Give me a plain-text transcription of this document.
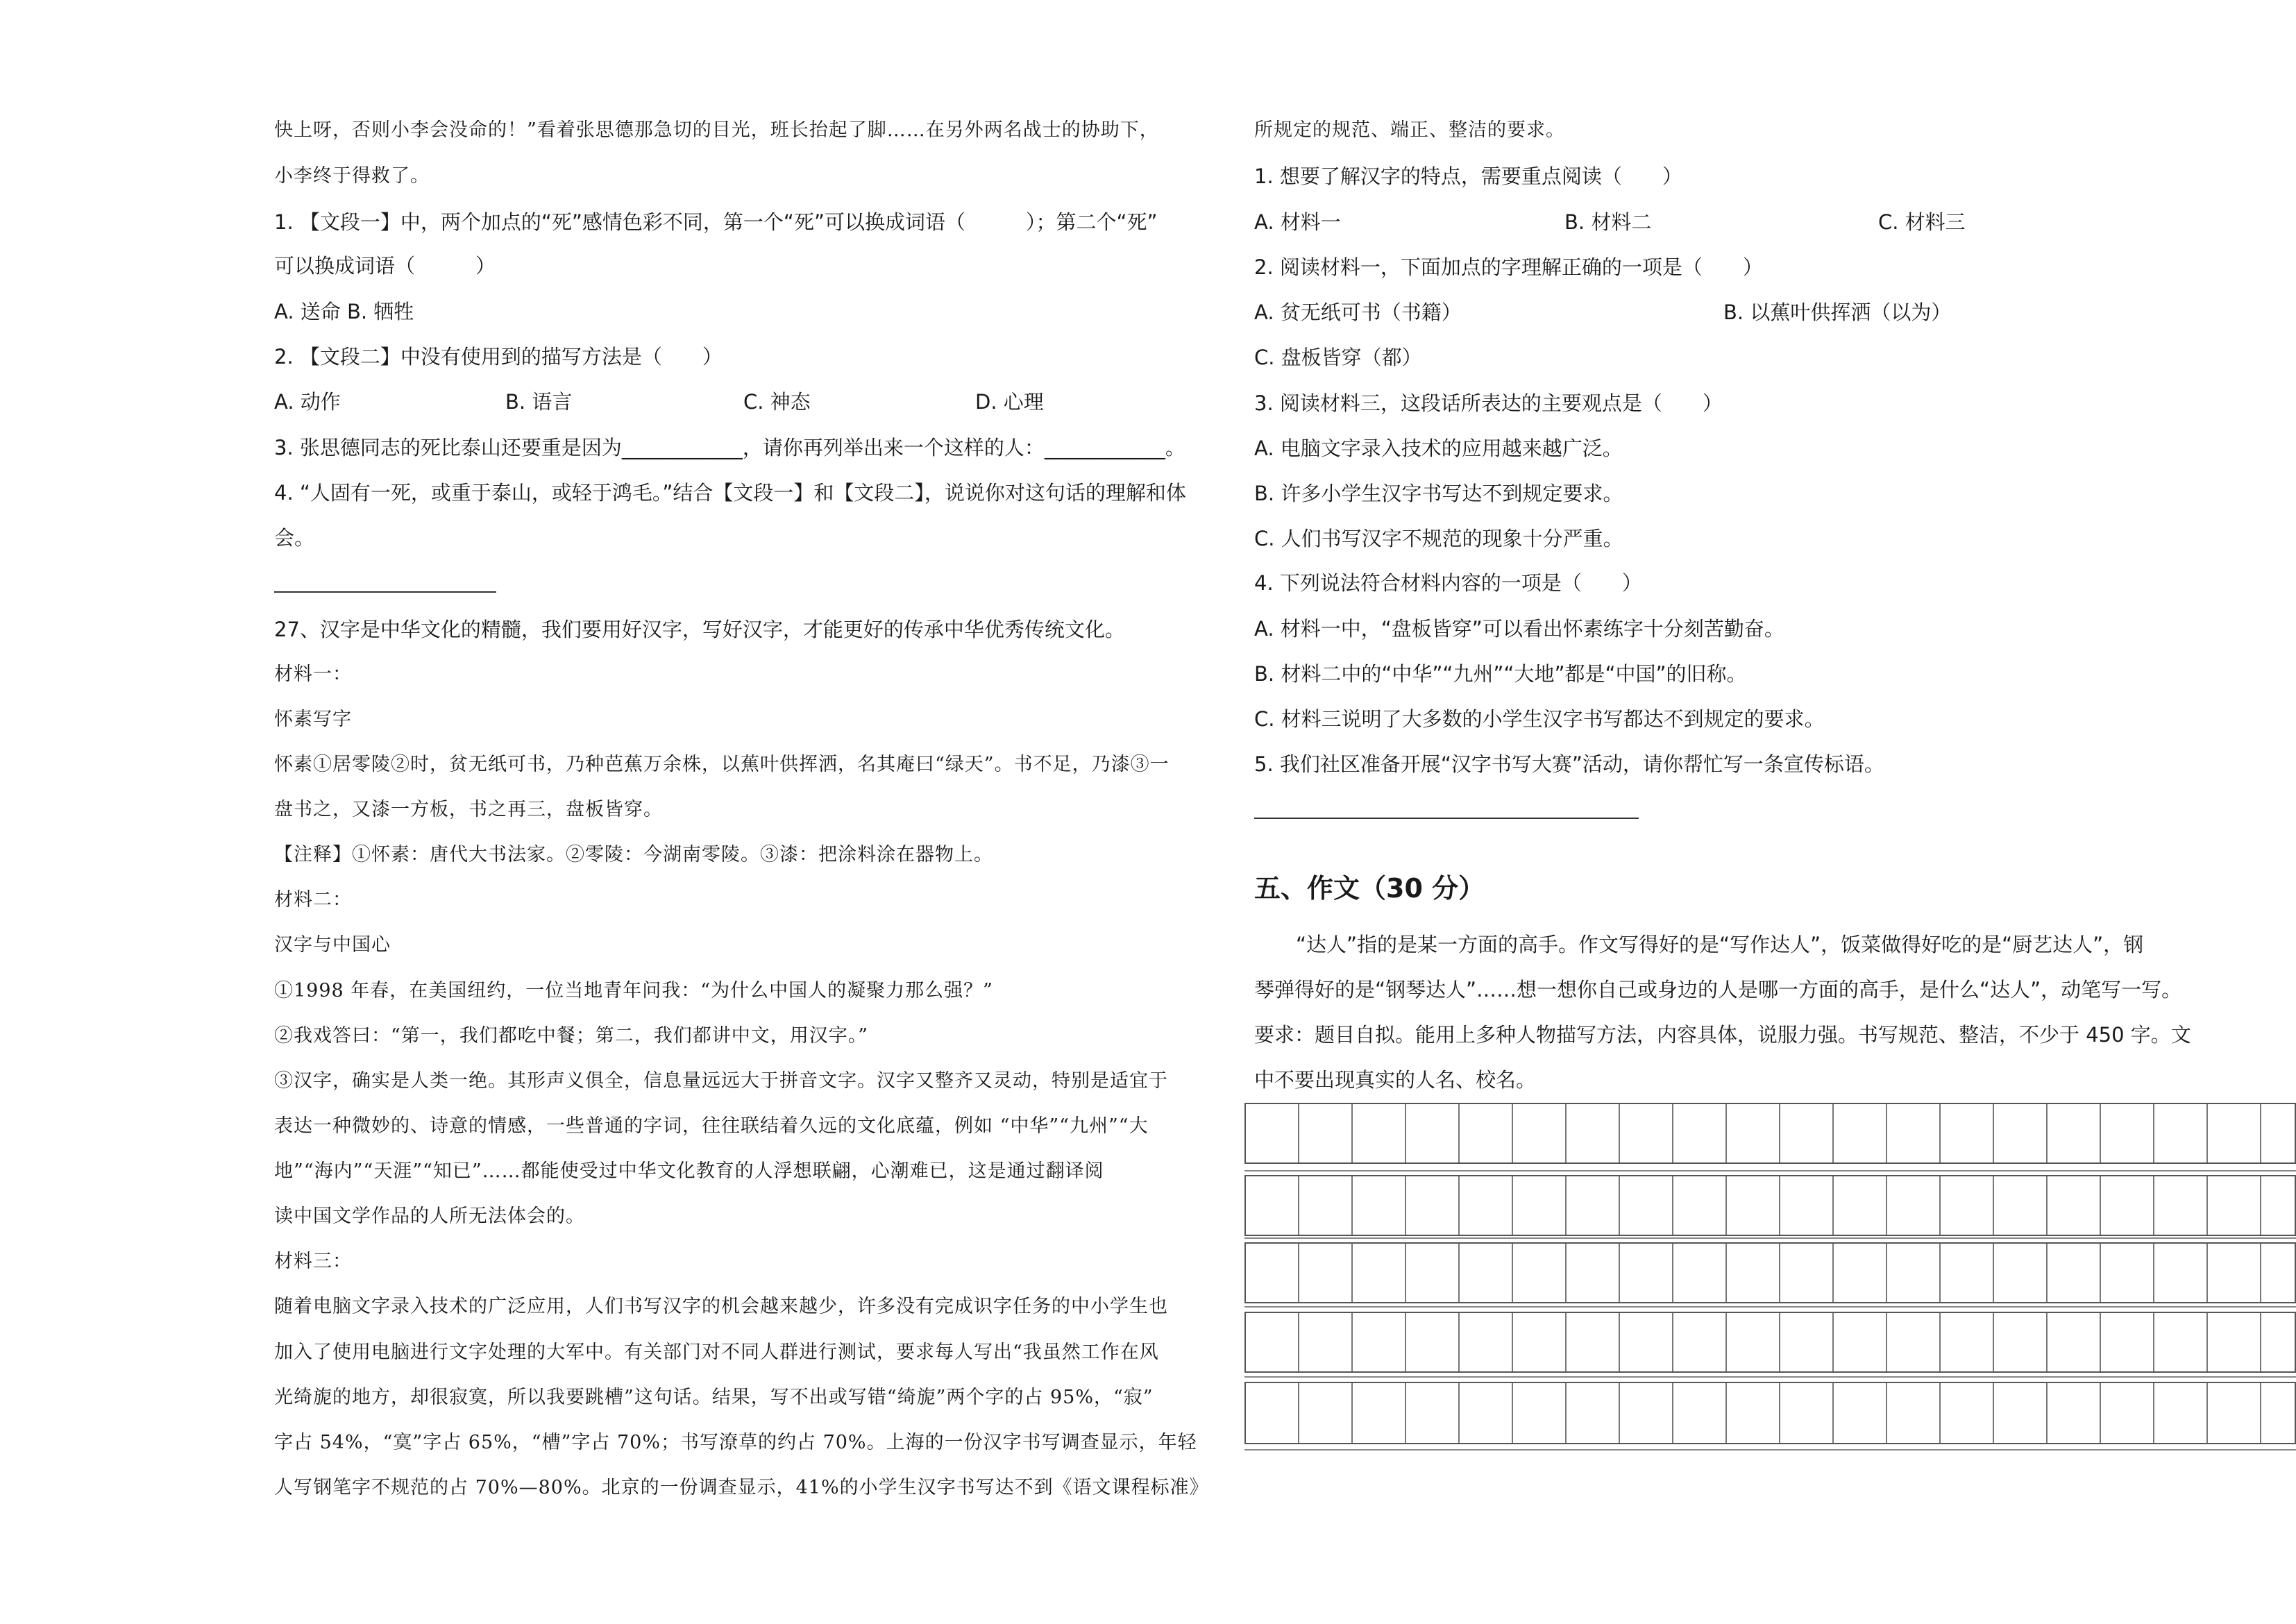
快上呀，否则小李会没命的！”看着张思德那急切的目光，班长抬起了脚……在另外两名战士的协助下，
小李终于得救了。
1. 【文段一】中，两个加点的“死”感情色彩不同，第一个“死”可以换成词语（　　　）；第二个“死”
可以换成词语（　　　）
A. 送命 B. 牺牲
2. 【文段二】中没有使用到的描写方法是（　　）
A. 动作	B. 语言	C. 神态	D. 心理
3. 张思德同志的死比泰山还要重是因为____________，请你再列举出来一个这样的人：____________。
4. “人固有一死，或重于泰山，或轻于鸿毛。”结合【文段一】和【文段二】，说说你对这句话的理解和体
会。
27、汉字是中华文化的精髓，我们要用好汉字，写好汉字，才能更好的传承中华优秀传统文化。
材料一：
怀素写字
怀素①居零陵②时，贫无纸可书，乃种芭蕉万余株，以蕉叶供挥洒，名其庵曰“绿天”。书不足，乃漆③一
盘书之，又漆一方板，书之再三，盘板皆穿。
【注释】①怀素：唐代大书法家。②零陵：今湖南零陵。③漆：把涂料涂在器物上。
材料二：
汉字与中国心
①1998 年春，在美国纽约，一位当地青年问我：“为什么中国人的凝聚力那么强？”
②我戏答曰：“第一，我们都吃中餐；第二，我们都讲中文，用汉字。”
③汉字，确实是人类一绝。其形声义俱全，信息量远远大于拼音文字。汉字又整齐又灵动，特别是适宜于
表达一种微妙的、诗意的情感，一些普通的字词，往往联结着久远的文化底蕴，例如 “中华”“九州”“大
地”“海内”“天涯”“知已”……都能使受过中华文化教育的人浮想联翩，心潮难已，这是通过翻译阅
读中国文学作品的人所无法体会的。
材料三：
随着电脑文字录入技术的广泛应用，人们书写汉字的机会越来越少，许多没有完成识字任务的中小学生也
加入了使用电脑进行文字处理的大军中。有关部门对不同人群进行测试，要求每人写出“我虽然工作在风
光绮旎的地方，却很寂寞，所以我要跳槽”这句话。结果，写不出或写错“绮旎”两个字的占 95%，“寂”
字占 54%，“寞”字占 65%，“槽”字占 70%；书写潦草的约占 70%。上海的一份汉字书写调查显示，年轻
人写钢笔字不规范的占 70%—80%。北京的一份调查显示，41%的小学生汉字书写达不到《语文课程标准》
所规定的规范、端正、整洁的要求。
1. 想要了解汉字的特点，需要重点阅读（　　）
A. 材料一	B. 材料二	C. 材料三
2. 阅读材料一，下面加点的字理解正确的一项是（　　）
A. 贫无纸可书（书籍）	B. 以蕉叶供挥洒（以为）
C. 盘板皆穿（都）
3. 阅读材料三，这段话所表达的主要观点是（　　）
A. 电脑文字录入技术的应用越来越广泛。
B. 许多小学生汉字书写达不到规定要求。
C. 人们书写汉字不规范的现象十分严重。
4. 下列说法符合材料内容的一项是（　　）
A. 材料一中，“盘板皆穿”可以看出怀素练字十分刻苦勤奋。
B. 材料二中的“中华”“九州”“大地”都是“中国”的旧称。
C. 材料三说明了大多数的小学生汉字书写都达不到规定的要求。
5. 我们社区准备开展“汉字书写大赛”活动，请你帮忙写一条宣传标语。
五、作文（30 分）
“达人”指的是某一方面的高手。作文写得好的是“写作达人”，饭菜做得好吃的是“厨艺达人”，钢
琴弹得好的是“钢琴达人”……想一想你自己或身边的人是哪一方面的高手，是什么“达人”，动笔写一写。
要求：题目自拟。能用上多种人物描写方法，内容具体，说服力强。书写规范、整洁，不少于 450 字。文
中不要出现真实的人名、校名。
